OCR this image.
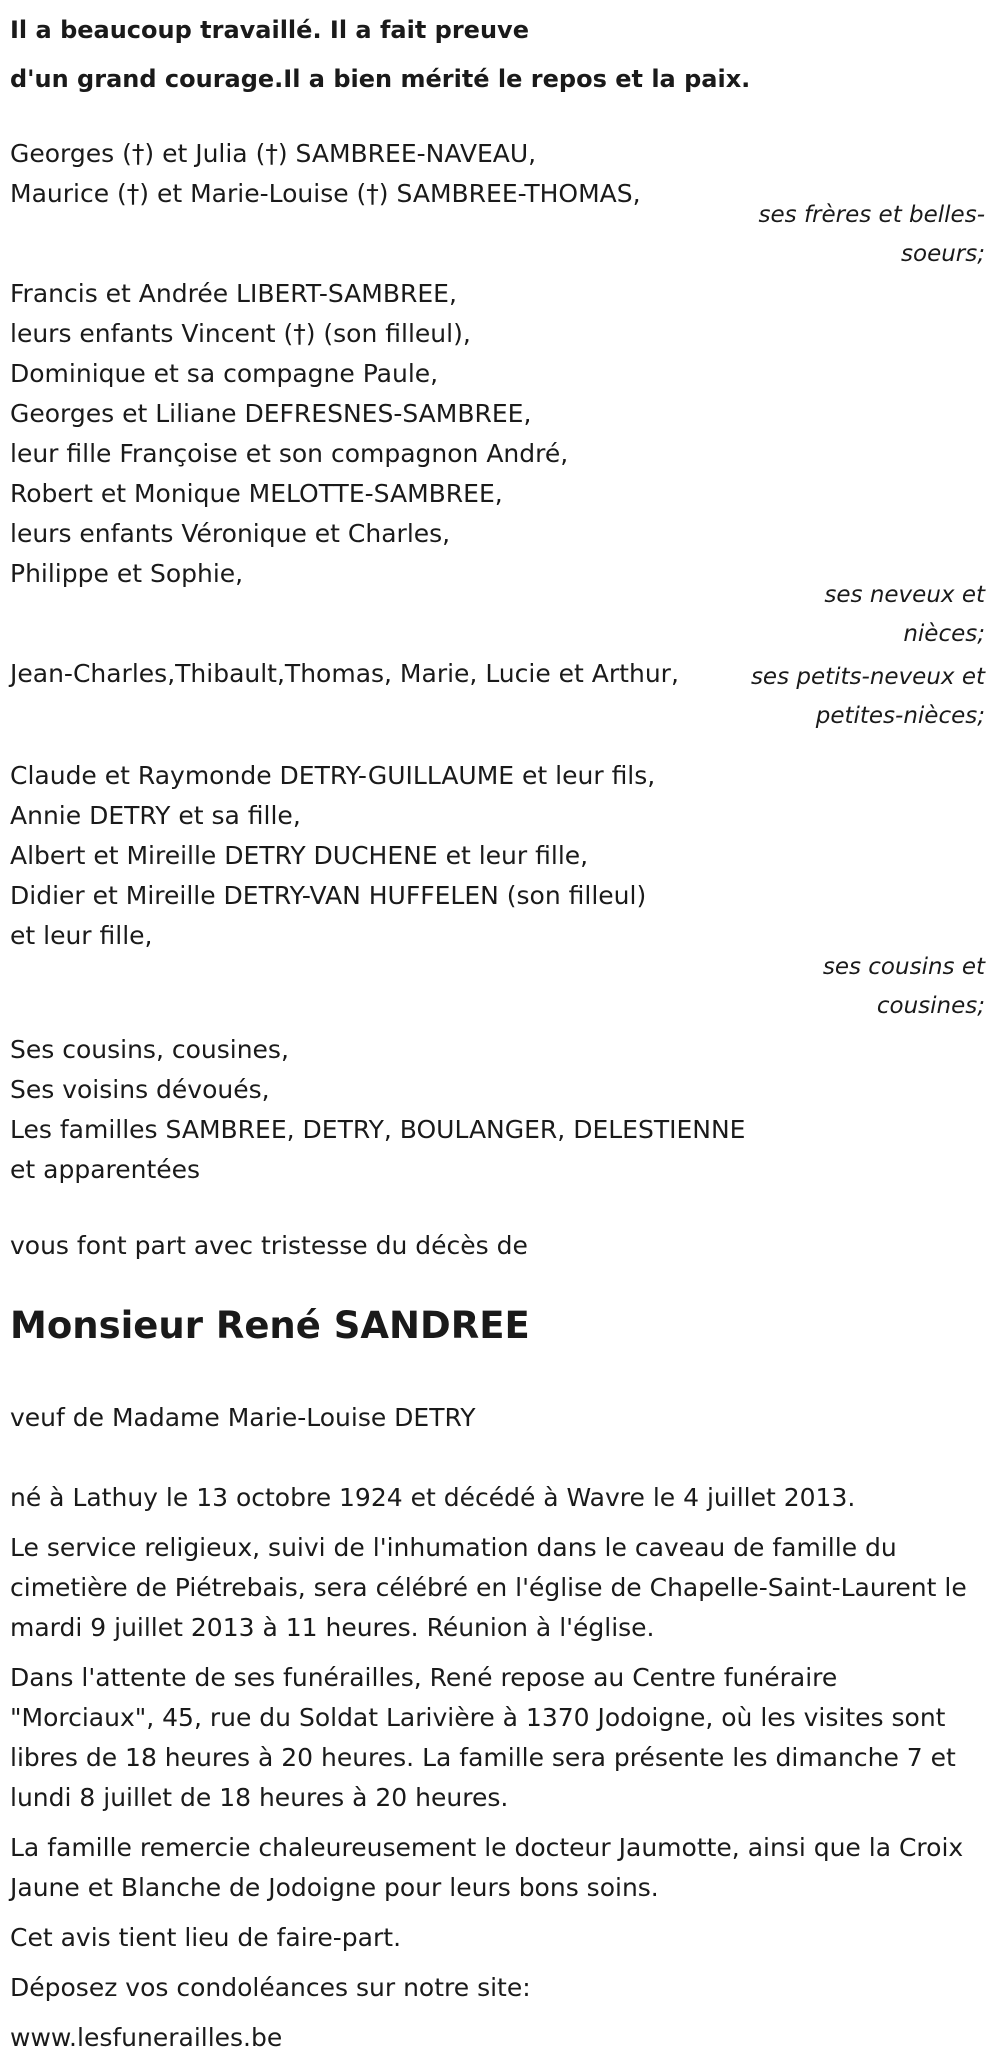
Il a beaucoup travaillé. Il a fait preuve
d'un grand courage.Il a bien mérité le repos et la paix.
Georges (†) et Julia (†) SAMBREE-NAVEAU,
Maurice (†) et Marie-Louise (†) SAMBREE-THOMAS,
ses frères et belles-
soeurs;
Francis et Andrée LIBERT-SAMBREE,
leurs enfants Vincent (†) (son filleul),
Dominique et sa compagne Paule,
Georges et Liliane DEFRESNES-SAMBREE,
leur fille Françoise et son compagnon André,
Robert et Monique MELOTTE-SAMBREE,
leurs enfants Véronique et Charles,
Philippe et Sophie,
ses neveux et
nièces;
Jean-Charles,Thibault,Thomas, Marie, Lucie et Arthur,	ses petits-neveux et
petites-nièces;
Claude et Raymonde DETRY-GUILLAUME et leur fils,
Annie DETRY et sa fille,
Albert et Mireille DETRY DUCHENE et leur fille,
Didier et Mireille DETRY-VAN HUFFELEN (son filleul)
et leur fille,
ses cousins et
cousines;
Ses cousins, cousines,
Ses voisins dévoués,
Les familles SAMBREE, DETRY, BOULANGER, DELESTIENNE
et apparentées
vous font part avec tristesse du décès de
Monsieur René SANDREE
veuf de Madame Marie-Louise DETRY

né à Lathuy le 13 octobre 1924 et décédé à Wavre le 4 juillet 2013.

Le service religieux, suivi de l'inhumation dans le caveau de famille du cimetière de Piétrebais, sera célébré en l'église de Chapelle-Saint-Laurent le mardi 9 juillet 2013 à 11 heures. Réunion à l'église.

Dans l'attente de ses funérailles, René repose au Centre funéraire "Morciaux", 45, rue du Soldat Larivière à 1370 Jodoigne, où les visites sont libres de 18 heures à 20 heures. La famille sera présente les dimanche 7 et lundi 8 juillet de 18 heures à 20 heures.

La famille remercie chaleureusement le docteur Jaumotte, ainsi que la Croix Jaune et Blanche de Jodoigne pour leurs bons soins.

Cet avis tient lieu de faire-part.

Déposez vos condoléances sur notre site:

www.lesfunerailles.be
